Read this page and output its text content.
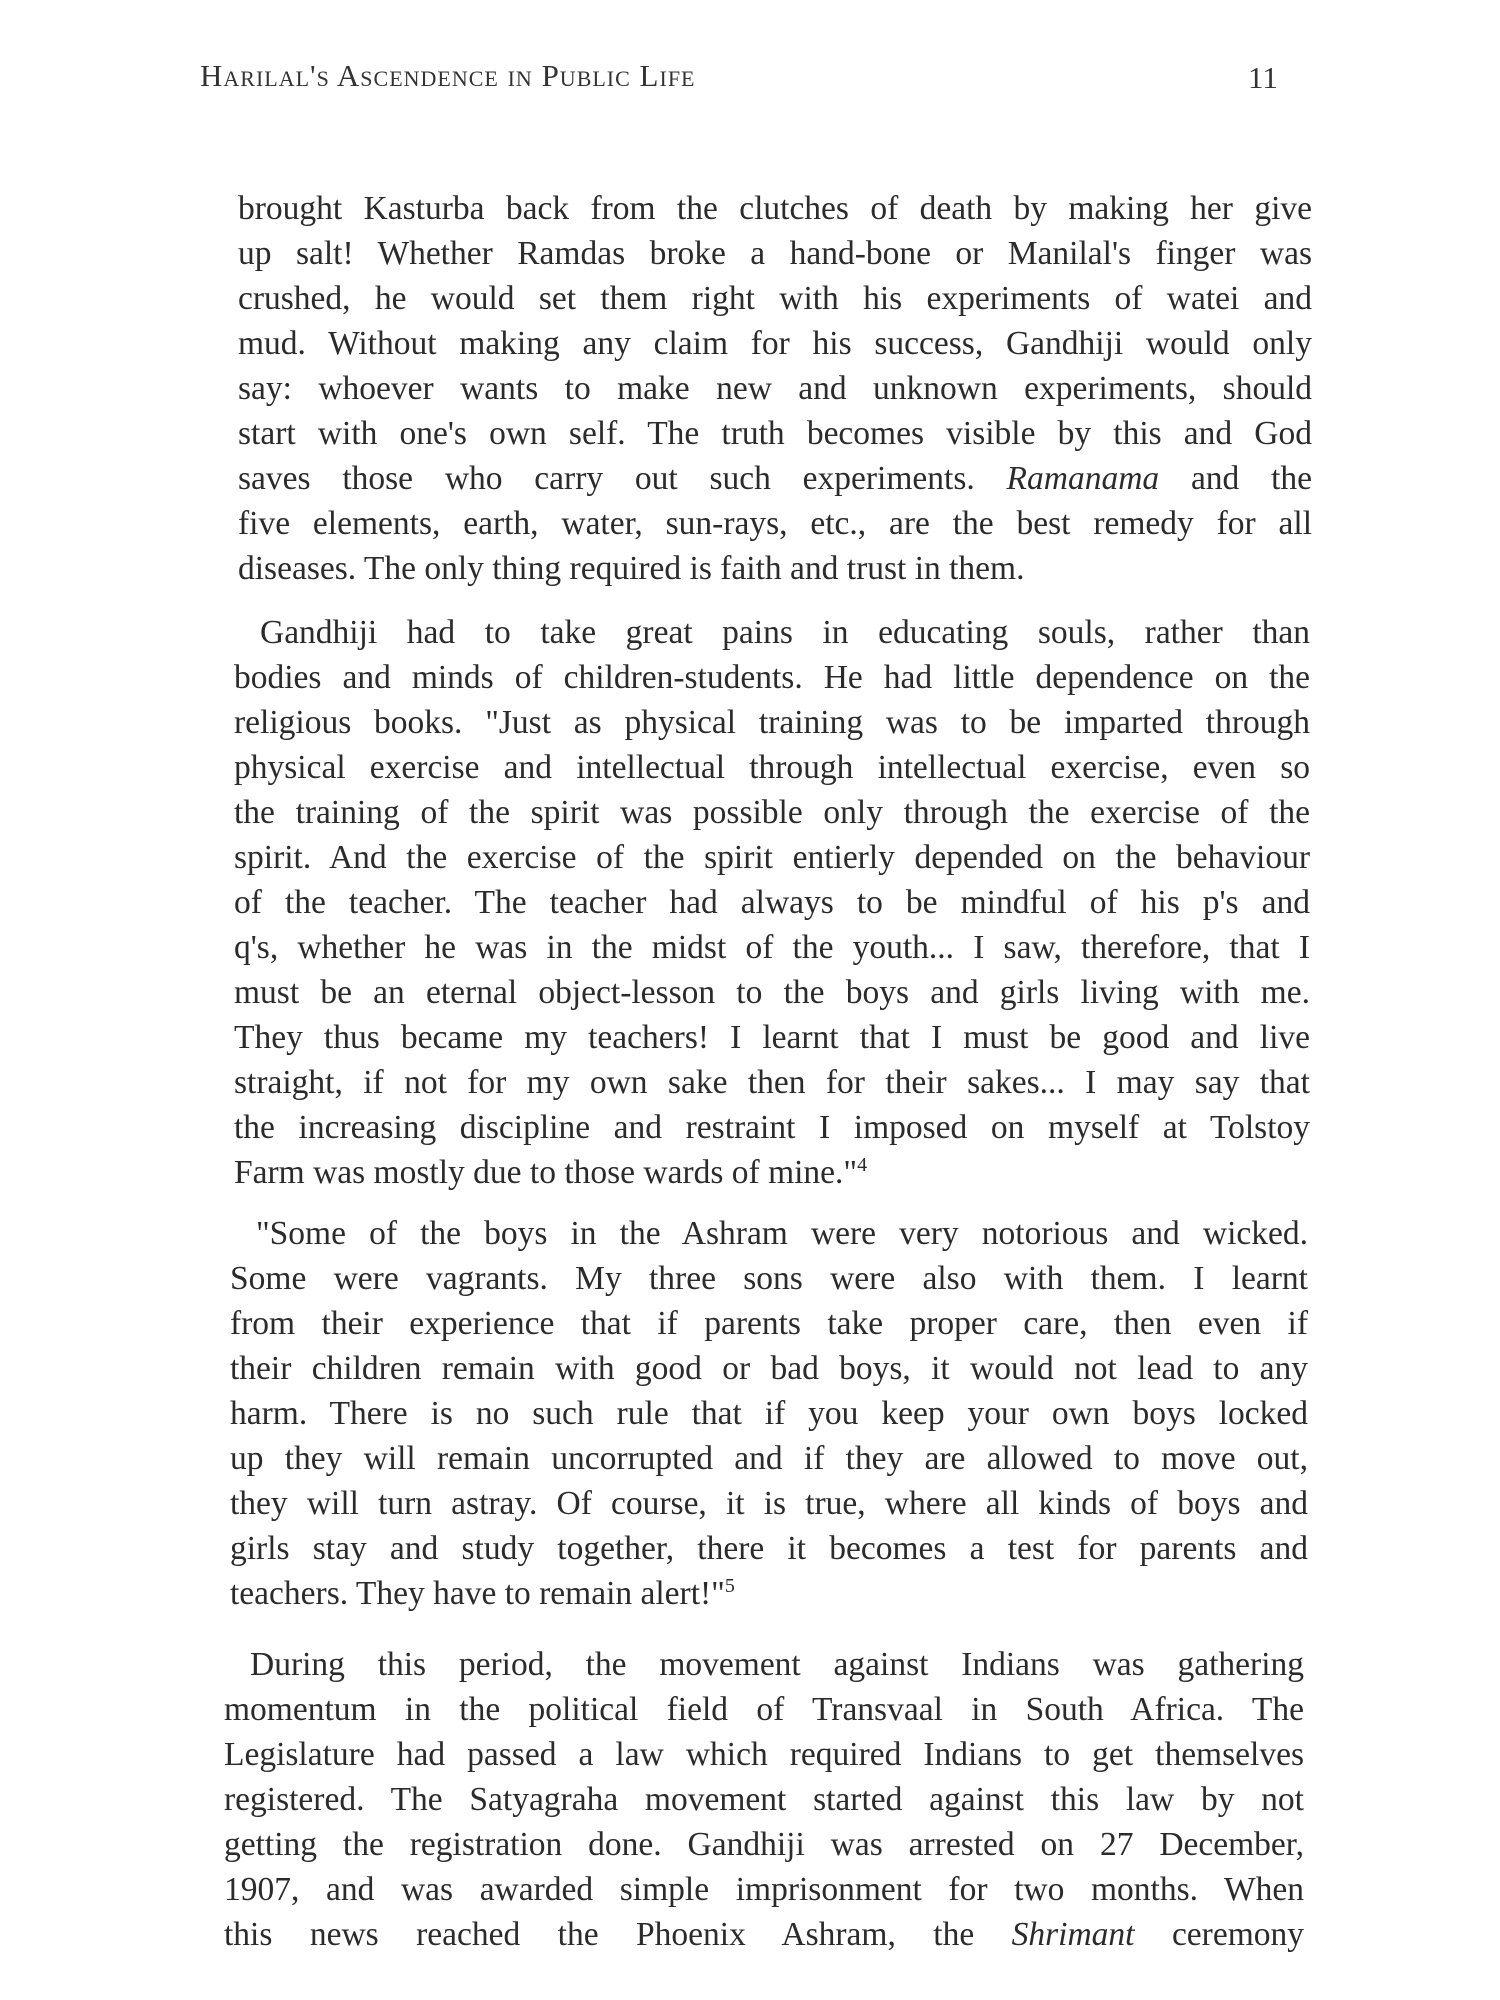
Harilal's Ascendence in Public Life	11
brought Kasturba back from the clutches of death by making her give
up salt! Whether Ramdas broke a hand-bone or Manilal's finger was
crushed, he would set them right with his experiments of watei and
mud. Without making any claim for his success, Gandhiji would only
say: whoever wants to make new and unknown experiments, should
start with one's own self. The truth becomes visible by this and God
saves those who carry out such experiments. Ramanama and the
five elements, earth, water, sun-rays, etc., are the best remedy for all
diseases. The only thing required is faith and trust in them.
Gandhiji had to take great pains in educating souls, rather than
bodies and minds of children-students. He had little dependence on the
religious books. "Just as physical training was to be imparted through
physical exercise and intellectual through intellectual exercise, even so
the training of the spirit was possible only through the exercise of the
spirit. And the exercise of the spirit entierly depended on the behaviour
of the teacher. The teacher had always to be mindful of his p's and
q's, whether he was in the midst of the youth... I saw, therefore, that I
must be an eternal object-lesson to the boys and girls living with me.
They thus became my teachers! I learnt that I must be good and live
straight, if not for my own sake then for their sakes... I may say that
the increasing discipline and restraint I imposed on myself at Tolstoy
Farm was mostly due to those wards of mine."$^4$
"Some of the boys in the Ashram were very notorious and wicked.
Some were vagrants. My three sons were also with them. I learnt
from their experience that if parents take proper care, then even if
their children remain with good or bad boys, it would not lead to any
harm. There is no such rule that if you keep your own boys locked
up they will remain uncorrupted and if they are allowed to move out,
they will turn astray. Of course, it is true, where all kinds of boys and
girls stay and study together, there it becomes a test for parents and
teachers. They have to remain alert!"$^5$
During this period, the movement against Indians was gathering
momentum in the political field of Transvaal in South Africa. The
Legislature had passed a law which required Indians to get themselves
registered. The Satyagraha movement started against this law by not
getting the registration done. Gandhiji was arrested on 27 December,
1907, and was awarded simple imprisonment for two months. When
this news reached the Phoenix Ashram, the Shrimant ceremony
